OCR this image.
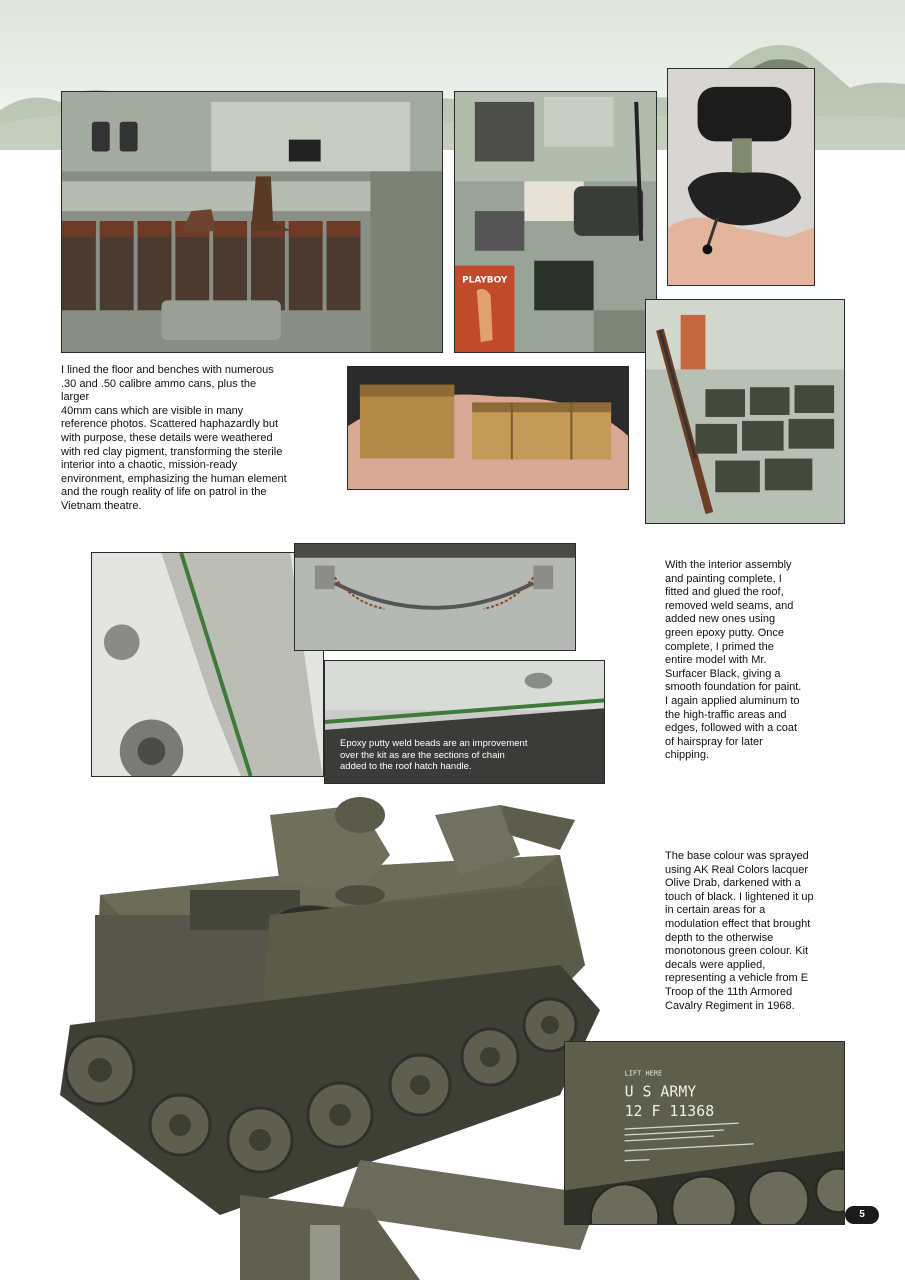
PLAYBOY

I lined the floor and benches with numerous

.30 and .50 calibre ammo cans, plus the

larger

40mm cans which are visible in many

reference photos. Scattered haphazardly but

with purpose, these details were weathered

with red clay pigment, transforming the sterile

interior into a chaotic, mission-ready

environment, emphasizing the human element

and the rough reality of life on patrol in the

Vietnam theatre.

Epoxy putty weld beads are an improvement
over the kit as are the sections of chain
added to the roof hatch handle.

With the interior assembly

and painting complete, I

fitted and glued the roof,

removed weld seams, and

added new ones using

green epoxy putty. Once

complete, I primed the

entire model with Mr.

Surfacer Black, giving a

smooth foundation for paint.

I again applied aluminum to

the high-traffic areas and

edges, followed with a coat

of hairspray for later

chipping.

The base colour was sprayed

using AK Real Colors lacquer

Olive Drab, darkened with a

touch of black. I lightened it up

in certain areas for a

modulation effect that brought

depth to the otherwise

monotonous green colour. Kit

decals were applied,

representing a vehicle from E

Troop of the 11th Armored

Cavalry Regiment in 1968.

LIFT HERE
U S ARMY
12 F 11368
5
